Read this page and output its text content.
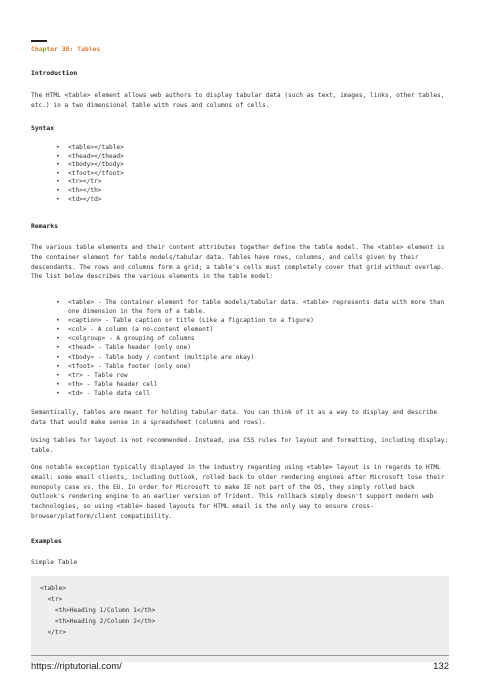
Chapter 38: Tables
Introduction

The HTML <table> element allows web authors to display tabular data (such as text, images, links, other tables, etc.) in a two dimensional table with rows and columns of cells.

Syntax
• <table></table>
• <thead></thead>
• <tbody></tbody>
• <tfoot></tfoot>
• <tr></tr>
• <th></th>
• <td></td>
Remarks

The various table elements and their content attributes together define the table model. The <table> element is the container element for table models/tabular data. Tables have rows, columns, and cells given by their descendants. The rows and columns form a grid; a table's cells must completely cover that grid without overlap. The list below describes the various elements in the table model:

• <table> - The container element for table models/tabular data. <table> represents data with more than one dimension in the form of a table.
• <caption> - Table caption or title (Like a figcaption to a figure)
• <col> - A column (a no-content element)
• <colgroup> - A grouping of columns
• <thead> - Table header (only one)
• <tbody> - Table body / content (multiple are okay)
• <tfoot> - Table footer (only one)
• <tr> - Table row
• <th> - Table header cell
• <td> - Table data cell

Semantically, tables are meant for holding tabular data. You can think of it as a way to display and describe data that would make sense in a spreadsheet (columns and rows).

Using tables for layout is not recommended. Instead, use CSS rules for layout and formatting, including display: table.

One notable exception typically displayed in the industry regarding using <table> layout is in regards to HTML email: some email clients, including Outlook, rolled back to older rendering engines after Microsoft lose their monopoly case vs. the EU. In order for Microsoft to make IE not part of the OS, they simply rolled back Outlook's rendering engine to an earlier version of Trident. This rollback simply doesn't support modern web technologies, so using <table> based layouts for HTML email is the only way to ensure cross-browser/platform/client compatibility.

Examples
Simple Table
<table>
<tr>
<th>Heading 1/Column 1</th>
<th>Heading 2/Column 2</th>
</tr>
https://riptutorial.com/	132
